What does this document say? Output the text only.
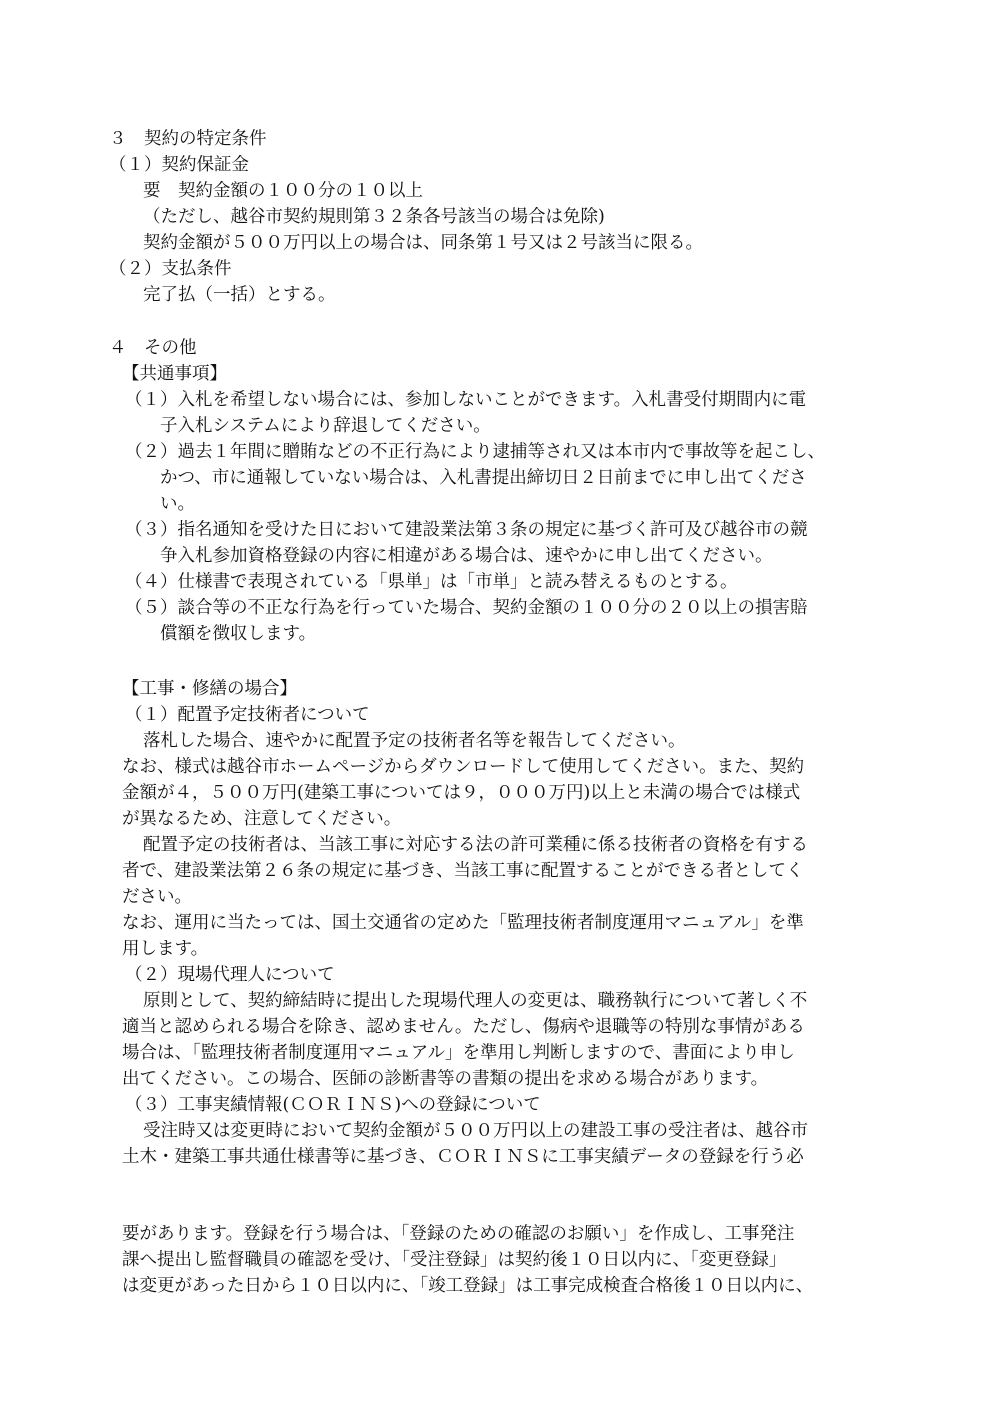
３　契約の特定条件

（１）契約保証金

要　契約金額の１００分の１０以上

（ただし、越谷市契約規則第３２条各号該当の場合は免除)

契約金額が５００万円以上の場合は、同条第１号又は２号該当に限る。

（２）支払条件

完了払（一括）とする。

４　その他

【共通事項】

（１）入札を希望しない場合には、参加しないことができます。入札書受付期間内に電

子入札システムにより辞退してください。

（２）過去１年間に贈賄などの不正行為により逮捕等され又は本市内で事故等を起こし、

かつ、市に通報していない場合は、入札書提出締切日２日前までに申し出てくださ

い。

（３）指名通知を受けた日において建設業法第３条の規定に基づく許可及び越谷市の競

争入札参加資格登録の内容に相違がある場合は、速やかに申し出てください。

（４）仕様書で表現されている「県単」は「市単」と読み替えるものとする。

（５）談合等の不正な行為を行っていた場合、契約金額の１００分の２０以上の損害賠

償額を徴収します。

【工事・修繕の場合】

（１）配置予定技術者について

落札した場合、速やかに配置予定の技術者名等を報告してください。

なお、様式は越谷市ホームページからダウンロードして使用してください。また、契約

金額が４，５００万円(建築工事については９，０００万円)以上と未満の場合では様式

が異なるため、注意してください。

配置予定の技術者は、当該工事に対応する法の許可業種に係る技術者の資格を有する

者で、建設業法第２６条の規定に基づき、当該工事に配置することができる者としてく

ださい。

なお、運用に当たっては、国土交通省の定めた「監理技術者制度運用マニュアル」を準

用します。

（２）現場代理人について

原則として、契約締結時に提出した現場代理人の変更は、職務執行について著しく不

適当と認められる場合を除き、認めません。ただし、傷病や退職等の特別な事情がある

場合は、「監理技術者制度運用マニュアル」を準用し判断しますので、書面により申し

出てください。この場合、医師の診断書等の書類の提出を求める場合があります。

（３）工事実績情報(ＣＯＲＩＮＳ)への登録について

受注時又は変更時において契約金額が５００万円以上の建設工事の受注者は、越谷市

土木・建築工事共通仕様書等に基づき、ＣＯＲＩＮＳに工事実績データの登録を行う必

要があります。登録を行う場合は、「登録のための確認のお願い」を作成し、工事発注

課へ提出し監督職員の確認を受け、「受注登録」は契約後１０日以内に、「変更登録」

は変更があった日から１０日以内に、「竣工登録」は工事完成検査合格後１０日以内に、
